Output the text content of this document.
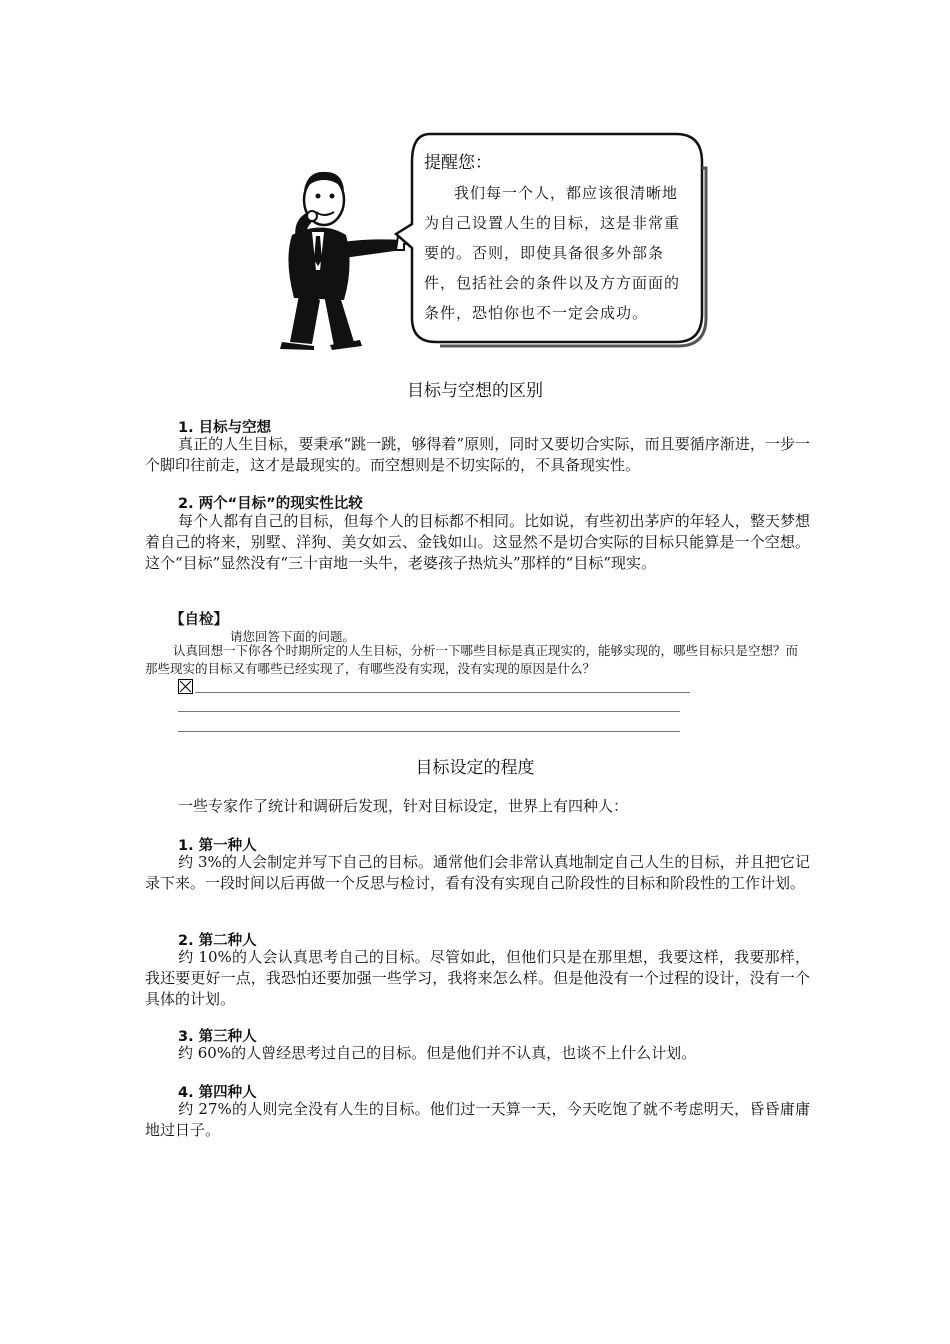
提醒您：

我们每一个人，都应该很清晰地为自己设置人生的目标，这是非常重要的。否则，即使具备很多外部条件，包括社会的条件以及方方面面的条件，恐怕你也不一定会成功。

目标与空想的区别
1. 目标与空想

真正的人生目标，要秉承“跳一跳，够得着”原则，同时又要切合实际，而且要循序渐进，一步一个脚印往前走，这才是最现实的。而空想则是不切实际的，不具备现实性。

2. 两个“目标”的现实性比较

每个人都有自己的目标，但每个人的目标都不相同。比如说，有些初出茅庐的年轻人，整天梦想着自己的将来，别墅、洋狗、美女如云、金钱如山。这显然不是切合实际的目标只能算是一个空想。这个“目标”显然没有“三十亩地一头牛，老婆孩子热炕头”那样的“目标”现实。

【自检】
请您回答下面的问题。

认真回想一下你各个时期所定的人生目标，分析一下哪些目标是真正现实的，能够实现的，哪些目标只是空想？而那些现实的目标又有哪些已经实现了，有哪些没有实现，没有实现的原因是什么？

目标设定的程度

一些专家作了统计和调研后发现，针对目标设定，世界上有四种人：

1. 第一种人

约 3%的人会制定并写下自己的目标。通常他们会非常认真地制定自己人生的目标，并且把它记录下来。一段时间以后再做一个反思与检讨，看有没有实现自己阶段性的目标和阶段性的工作计划。

2. 第二种人

约 10%的人会认真思考自己的目标。尽管如此，但他们只是在那里想，我要这样，我要那样，我还要更好一点，我恐怕还要加强一些学习，我将来怎么样。但是他没有一个过程的设计，没有一个具体的计划。

3. 第三种人

约 60%的人曾经思考过自己的目标。但是他们并不认真，也谈不上什么计划。

4. 第四种人

约 27%的人则完全没有人生的目标。他们过一天算一天，今天吃饱了就不考虑明天，昏昏庸庸地过日子。
